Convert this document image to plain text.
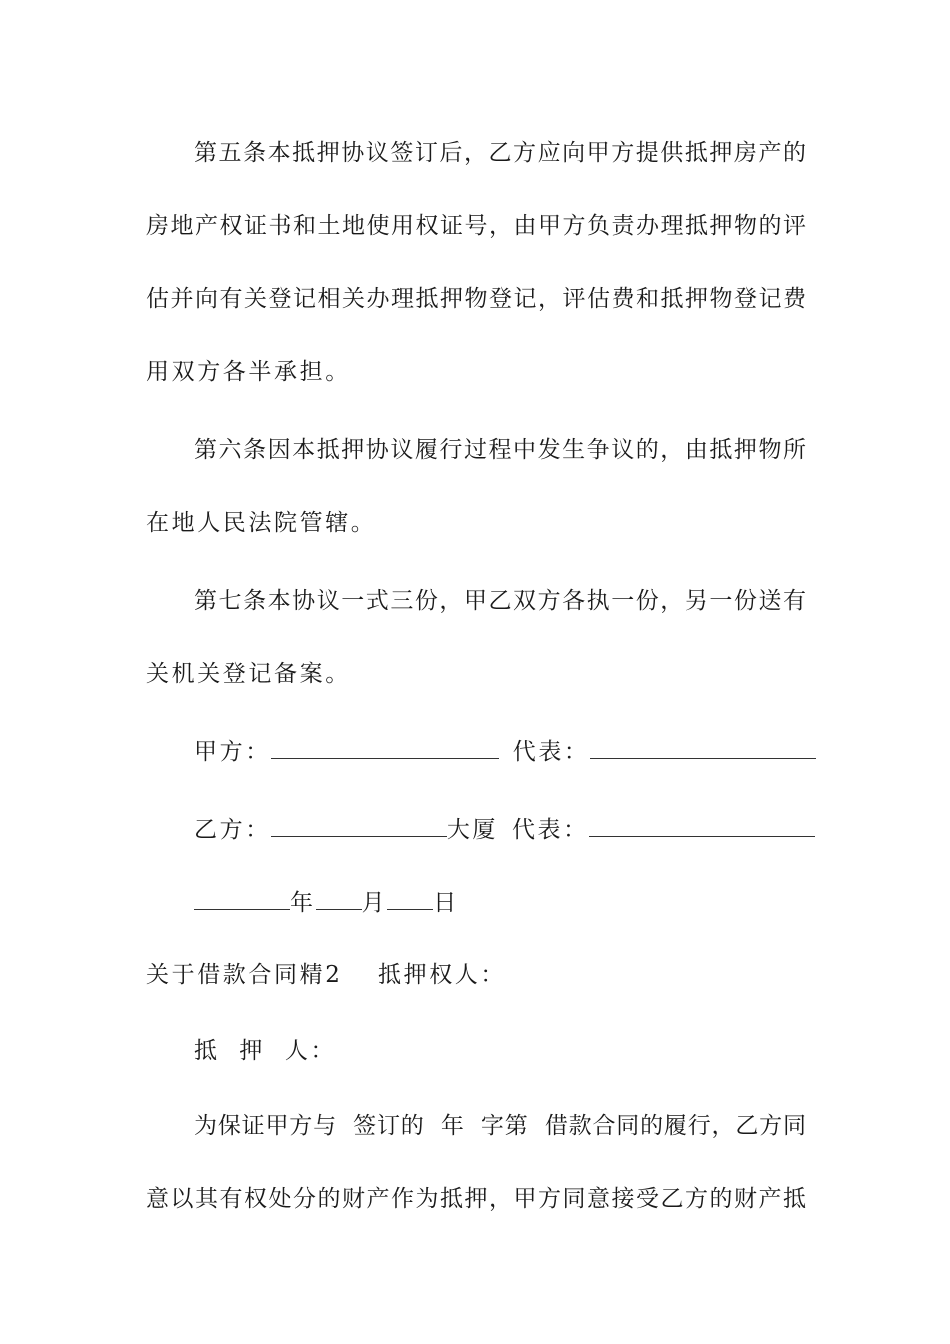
第五条本抵押协议签订后，乙方应向甲方提供抵押房产的
房地产权证书和土地使用权证号，由甲方负责办理抵押物的评
估并向有关登记相关办理抵押物登记，评估费和抵押物登记费
用双方各半承担。
第六条因本抵押协议履行过程中发生争议的，由抵押物所
在地人民法院管辖。
第七条本协议一式三份，甲乙双方各执一份，另一份送有
关机关登记备案。
甲方：	代表：
乙方：	大厦 代表：
年 月 日
关于借款合同精2 抵押权人：
抵  押  人：
为保证甲方与  签订的  年  字第  借款合同的履行，乙方同
意以其有权处分的财产作为抵押，甲方同意接受乙方的财产抵
